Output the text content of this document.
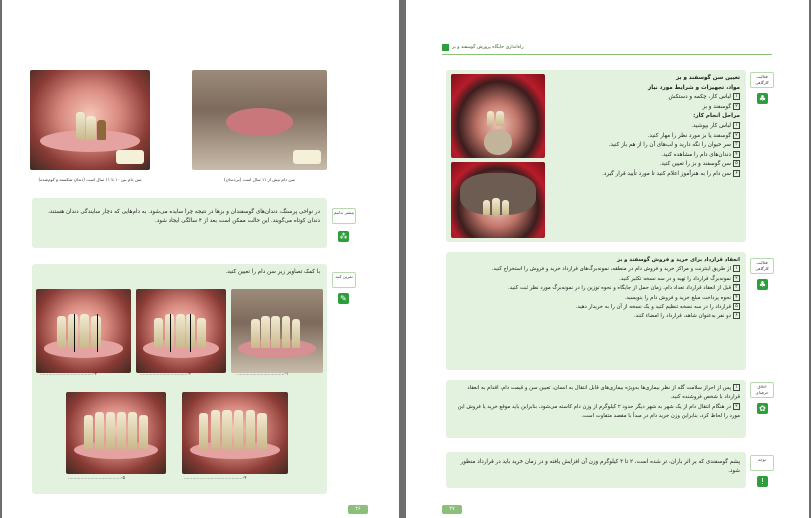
سن دام بین ۱۰ تا ۱۱ سال است (دندان شکسته و کوم‌شده)	سن دام بیش از ۱۱ سال است (بی‌دندان)
در نواحی پرسنگ، دندان‌های گوسفندان و بزها در نتیجه چرا سایده می‌شود. به دام‌هایی که دچار سایندگی دندان هستند، دندان کوتاه می‌گویند. این حالت ممکن است بعد از ۴ سالگی ایجاد شود.
بیشتر بدانیم
⁂
با کمک تصاویر زیر سن دام را تعیین کنید.
......................................-۳	..................................-۲	..................................-۱
......................................-۵	..........................................-۴
تمرین کنید
✎
۴۶
راه‌اندازی جایگاه پرورش گوسفند و بز
تعیین سن گوسفند و بز
مواد، تجهیزات و شرایط مورد نیاز
۱لباس کار، چکمه و دستکش
۲گوسفند و بز
مراحل انجام کار:
۱لباس کار بپوشید.
۲گوسفند یا بز مورد نظر را مهار کنید.
۳سر حیوان را نگه دارید و لب‌های آن را از هم باز کنید.
۴دندان‌های دام را مشاهده کنید.
۵سن گوسفند و بز را تعیین کنید.
۶سن دام را به هنرآموز اعلام کنید تا مورد تأیید قرار گیرد.
فعالیت کارگاهی
♣
انعقاد قرارداد برای خرید و فروش گوسفند و بز
۱از طریق اینترنت و مراکز خرید و فروش دام در منطقه، نمونه‌برگ‌های قرارداد خرید و فروش را استخراج کنید.
۲نمونه‌برگ قرارداد را تهیه و در سه نسخه تکثیر کنید.
۳قبل از انعقاد قرارداد تعداد دام، زمان حمل از جایگاه و نحوه توزین را در نمونه‌برگ مورد نظر ثبت کنید.
۴نحوه پرداخت مبلغ خرید و فروش دام را بنویسید.
۵قرارداد را در سه نسخه تنظیم کنید و یک نسخه از آن را به خریدار دهید.
۶دو نفر به‌عنوان شاهد، قرارداد را امضاء کنند.
فعالیت کارگاهی
♣
۱پس از احراز سلامت گله از نظر بیماری‌ها به‌ویژه بیماری‌های قابل انتقال به انسان، تعیین سن و قیمت دام، اقدام به انعقاد قرارداد با شخص فروشنده کنید.
۲در هنگام انتقال دام از یک شهر به شهر دیگر حدود ۲ کیلوگرم از وزن دام کاسته می‌شود، بنابراین باید موقع خرید یا فروش این مورد را لحاظ کرد، بنابراین وزن خرید دام در مبدأ با مقصد متفاوت است.
اخلاق حرفه‌ای
✿
پشم گوسفندی که بر اثر باران، تر شده است، ۲ تا ۳ کیلوگرم وزن آن افزایش یافته و در زمان خرید باید در قرارداد منظور شود.
توجه
!
۴۷
